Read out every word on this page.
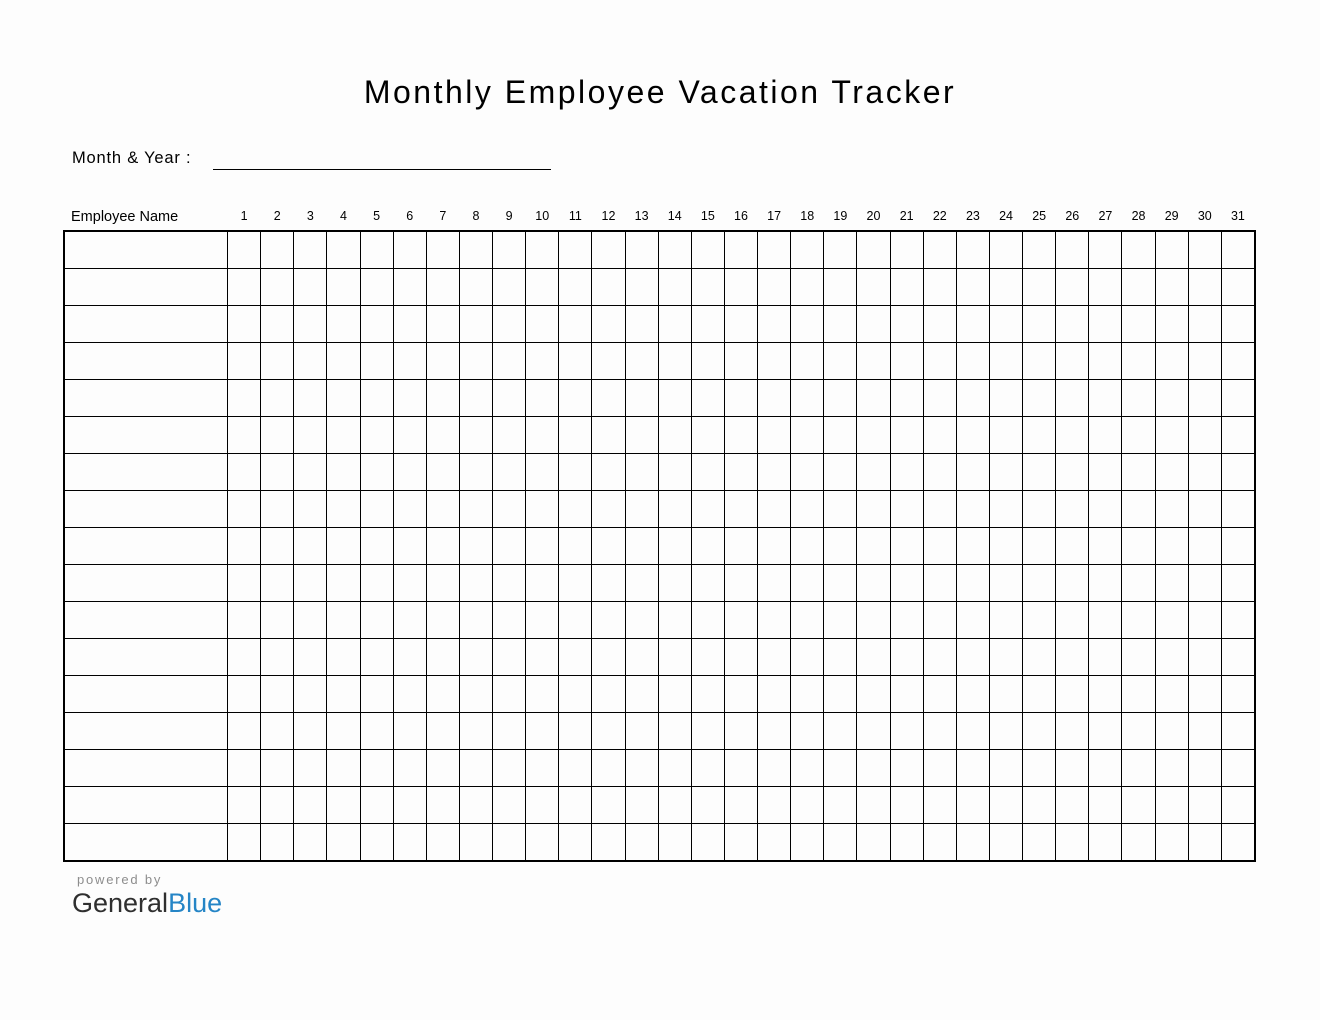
Monthly Employee Vacation Tracker
Month & Year :
Employee Name	1	2	3	4	5	6	7	8	9	10	11	12	13	14	15	16	17	18	19	20	21	22	23	24	25	26	27	28	29	30	31
powered by
GeneralBlue
